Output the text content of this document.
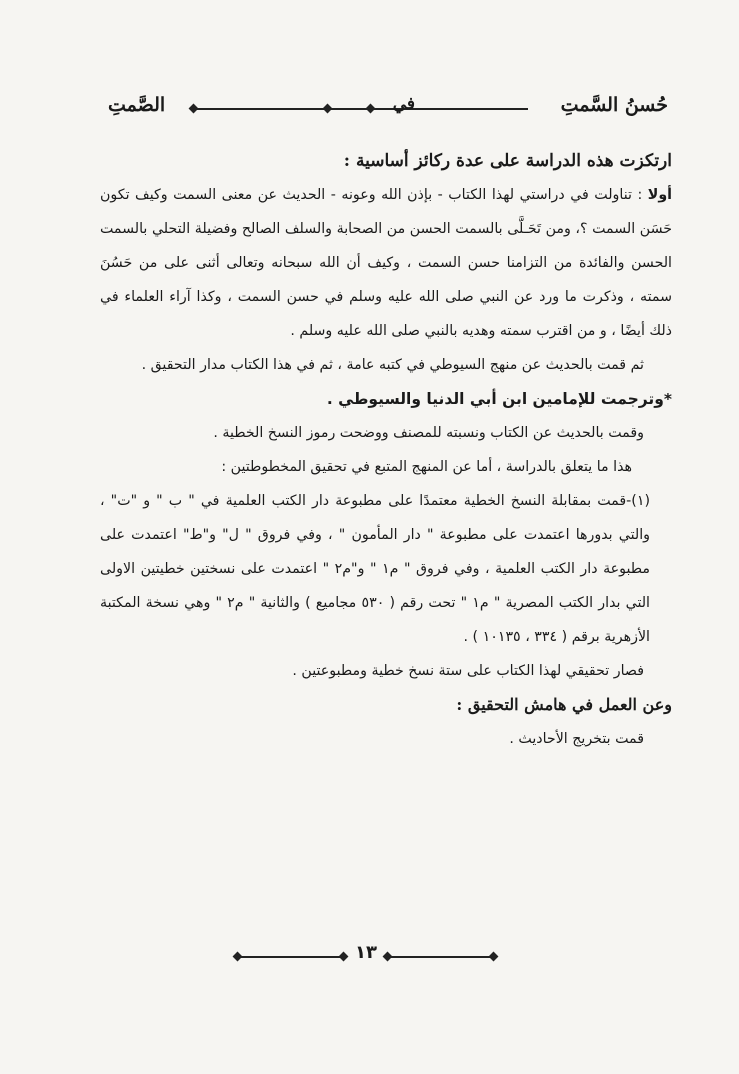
حُسنُ السَّمتِ
في
الصَّمتِ

ارتكزت هذه الدراسة على عدة ركائز أساسية :

أولا : تناولت في دراستي لهذا الكتاب - بإذن الله وعونه - الحديث عن معنى السمت وكيف تكون حَسَن السمت ؟، ومن تَحَـلَّى بالسمت الحسن من الصحابة والسلف الصالح وفضيلة التحلي بالسمت الحسن والفائدة من التزامنا حسن السمت ، وكيف أن الله سبحانه وتعالى أثنى على من حَسُنَ سمته ، وذكرت ما ورد عن النبي صلى الله عليه وسلم في حسن السمت ، وكذا آراء العلماء في ذلك أيضًا ، و من اقترب سمته وهديه بالنبي صلى الله عليه وسلم .

ثم قمت بالحديث عن منهج السيوطي في كتبه عامة ، ثم في هذا الكتاب مدار التحقيق .

*وترجمت للإمامين ابن أبي الدنيا والسيوطي .

وقمت بالحديث عن الكتاب ونسبته للمصنف ووضحت رموز النسخ الخطية .

هذا ما يتعلق بالدراسة ، أما عن المنهج المتبع في تحقيق المخطوطتين :

(١)-قمت بمقابلة النسخ الخطية معتمدًا على مطبوعة دار الكتب العلمية في " ب " و "ت" ، والتي بدورها اعتمدت على مطبوعة " دار المأمون " ، وفي فروق " ل" و"ط" اعتمدت على مطبوعة دار الكتب العلمية ، وفي فروق " م١ " و"م٢ " اعتمدت على نسختين خطيتين الاولى التي بدار الكتب المصرية " م١ " تحت رقم ( ٥٣٠ مجاميع ) والثانية " م٢ " وهي نسخة المكتبة الأزهرية برقم ( ٣٣٤ ، ١٠١٣٥ ) .

فصار تحقيقي لهذا الكتاب على ستة نسخ خطية ومطبوعتين .

وعن العمل في هامش التحقيق :

قمت بتخريج الأحاديث .

١٣
